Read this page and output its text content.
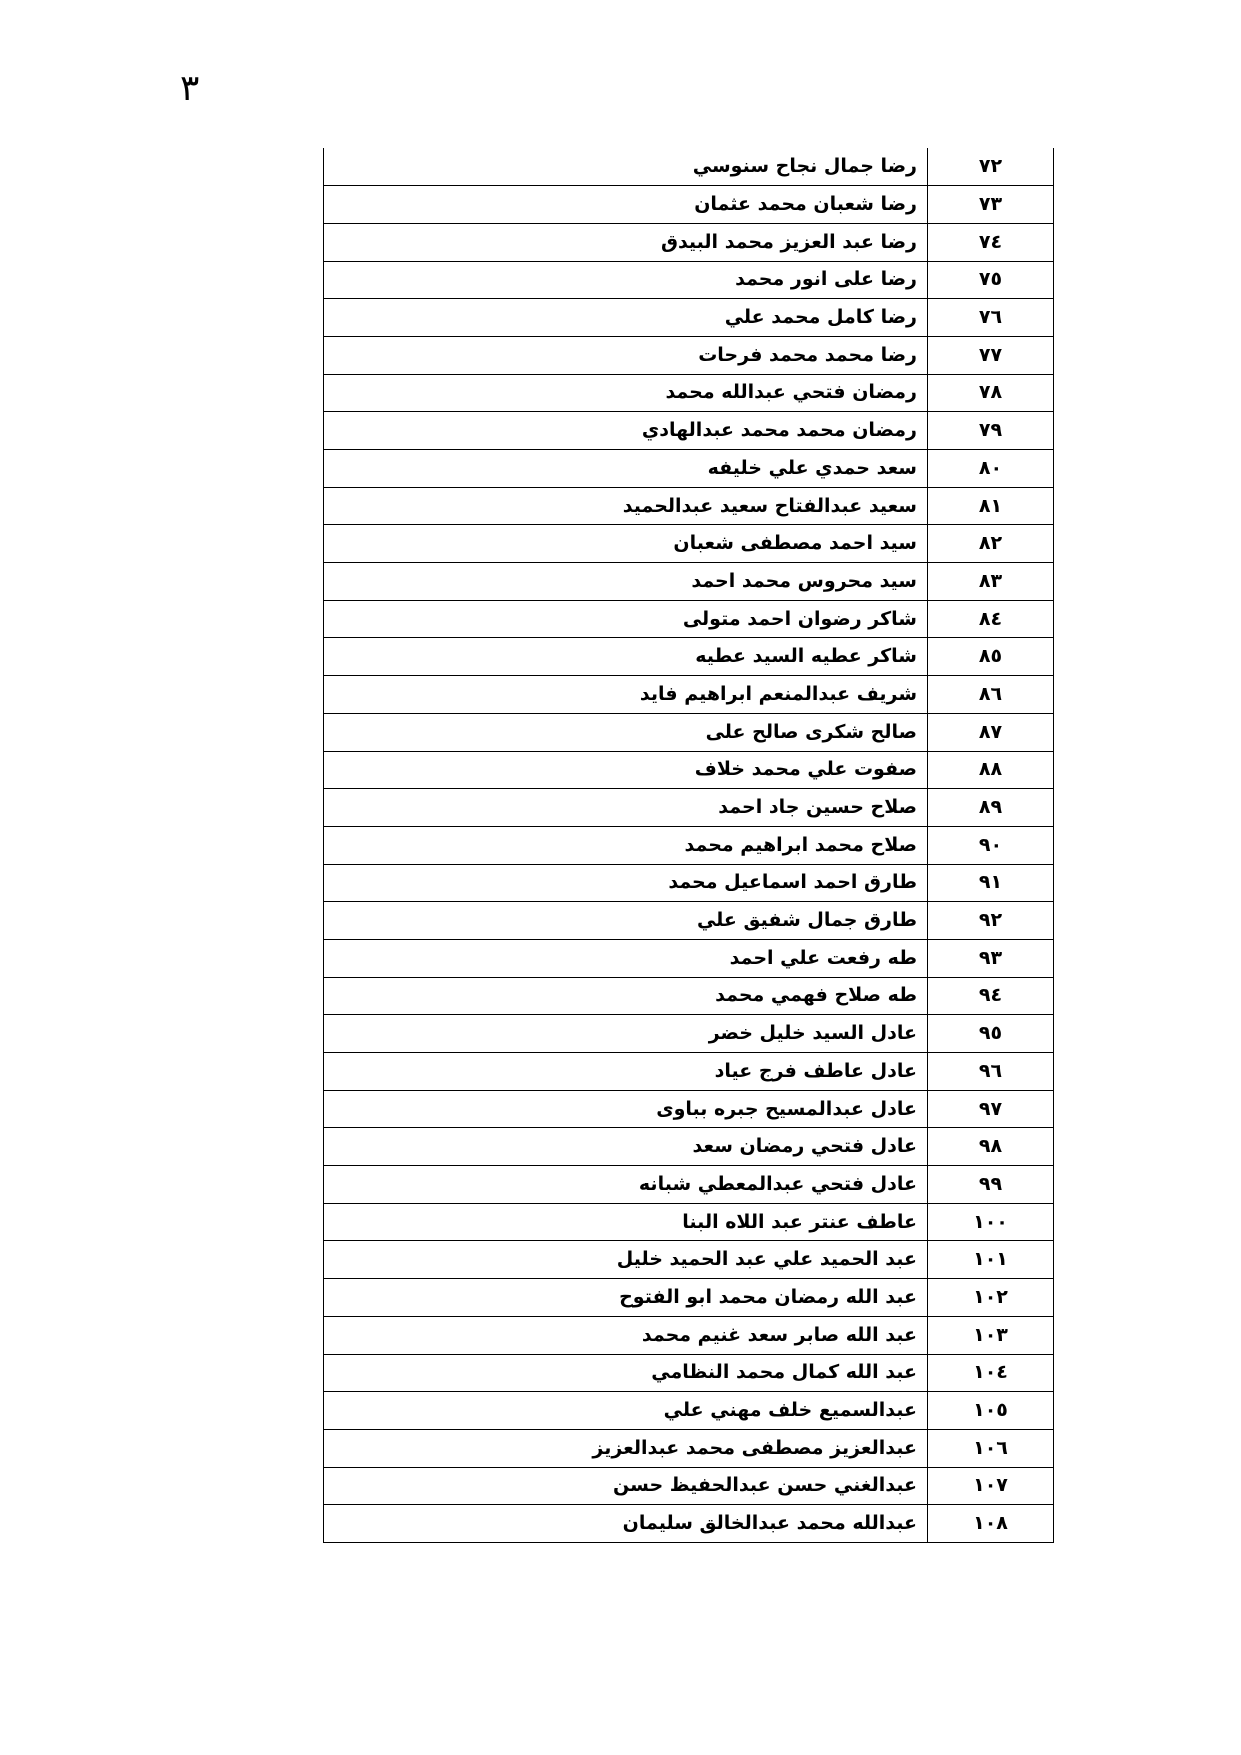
٣
٧٢	رضا جمال نجاح سنوسي
٧٣	رضا شعبان محمد عثمان
٧٤	رضا عبد العزيز محمد البيدق
٧٥	رضا على انور محمد
٧٦	رضا كامل محمد علي
٧٧	رضا محمد محمد فرحات
٧٨	رمضان فتحي عبدالله محمد
٧٩	رمضان محمد محمد عبدالهادي
٨٠	سعد حمدي علي خليفه
٨١	سعيد عبدالفتاح سعيد عبدالحميد
٨٢	سيد احمد مصطفى شعبان
٨٣	سيد محروس محمد احمد
٨٤	شاكر رضوان احمد متولى
٨٥	شاكر عطيه السيد عطيه
٨٦	شريف عبدالمنعم ابراهيم فايد
٨٧	صالح شكرى صالح على
٨٨	صفوت علي محمد خلاف
٨٩	صلاح حسين جاد احمد
٩٠	صلاح محمد ابراهيم محمد
٩١	طارق احمد اسماعيل محمد
٩٢	طارق جمال شفيق علي
٩٣	طه رفعت علي احمد
٩٤	طه صلاح فهمي محمد
٩٥	عادل السيد خليل خضر
٩٦	عادل عاطف فرج عياد
٩٧	عادل عبدالمسيح جبره بباوى
٩٨	عادل فتحي رمضان سعد
٩٩	عادل فتحي عبدالمعطي شبانه
١٠٠	عاطف عنتر عبد اللاه البنا
١٠١	عبد الحميد علي عبد الحميد خليل
١٠٢	عبد الله رمضان محمد ابو الفتوح
١٠٣	عبد الله صابر سعد غنيم محمد
١٠٤	عبد الله كمال محمد النظامي
١٠٥	عبدالسميع خلف مهني علي
١٠٦	عبدالعزيز مصطفى محمد عبدالعزيز
١٠٧	عبدالغني حسن عبدالحفيظ حسن
١٠٨	عبدالله محمد عبدالخالق سليمان
